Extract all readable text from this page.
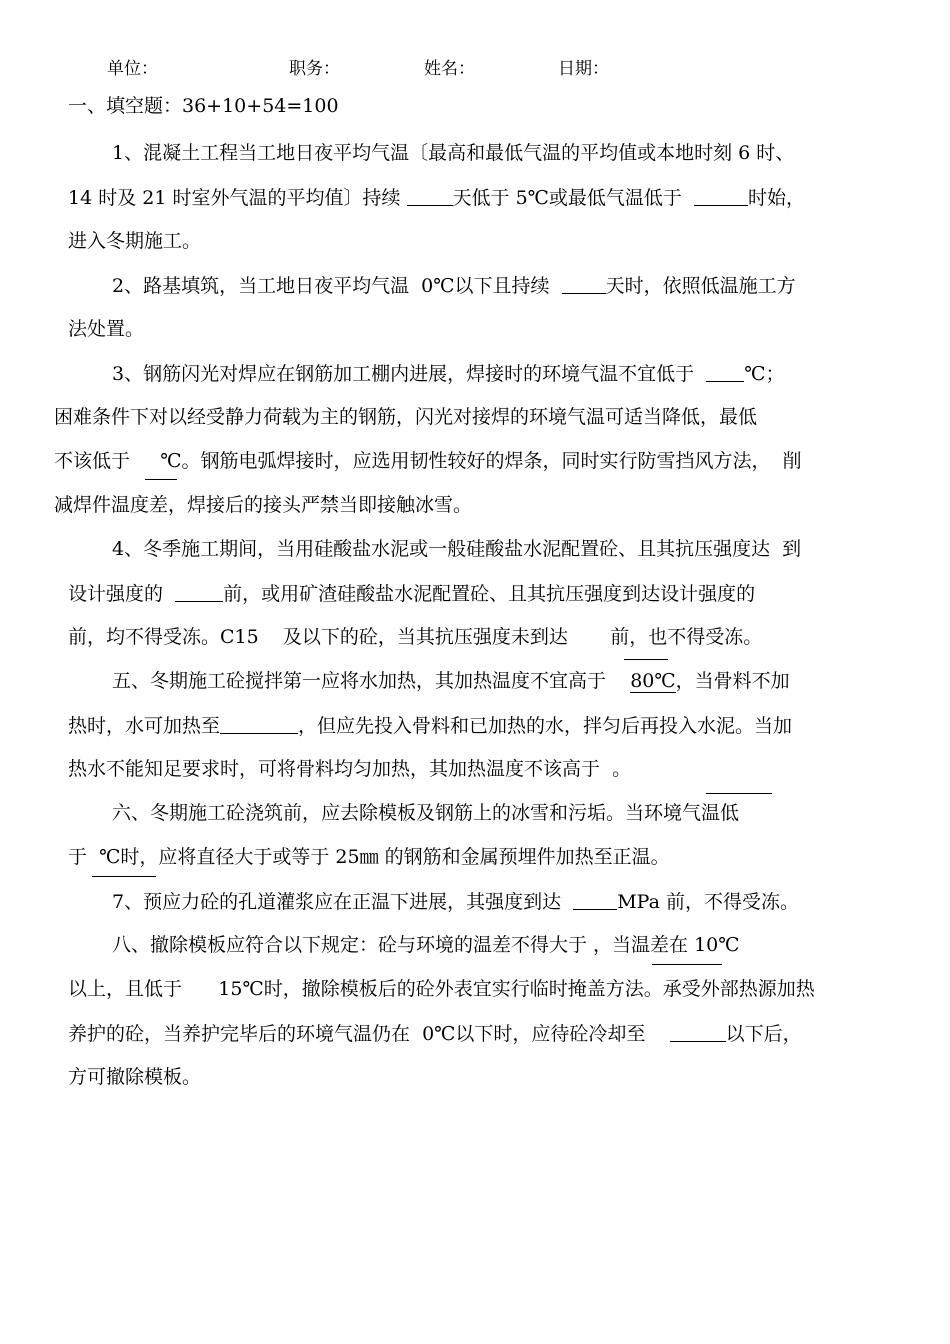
单位：	职务：	姓名：	日期：
一、填空题：36+10+54=100
1、混凝土工程当工地日夜平均气温〔最高和最低气温的平均值或本地时刻 6 时、
14 时及 21 时室外气温的平均值〕持续	天低于 5℃或最低气温低于	时始，
进入冬期施工。
2、路基填筑，当工地日夜平均气温  0℃以下且持续	天时，依照低温施工方
法处置。
3、钢筋闪光对焊应在钢筋加工棚内进展，焊接时的环境气温不宜低于	℃；
困难条件下对以经受静力荷载为主的钢筋，闪光对接焊的环境气温可适当降低，最低
不该低于 ℃。钢筋电弧焊接时，应选用韧性较好的焊条，同时实行防雪挡风方法，  削
减焊件温度差，焊接后的接头严禁当即接触冰雪。
4、冬季施工期间，当用硅酸盐水泥或一般硅酸盐水泥配置砼、且其抗压强度达  到
设计强度的	前，或用矿渣硅酸盐水泥配置砼、且其抗压强度到达设计强度的
前，均不得受冻。C15 及以下的砼，当其抗压强度未到达 前，也不得受冻。
五、冬期施工砼搅拌第一应将水加热，其加热温度不宜高于 80℃，当骨料不加
热时，水可加热至	，但应先投入骨料和已加热的水，拌匀后再投入水泥。当加
热水不能知足要求时，可将骨料均匀加热，其加热温度不该高于  。
六、冬期施工砼浇筑前，应去除模板及钢筋上的冰雪和污垢。当环境气温低
于 ℃时，应将直径大于或等于 25㎜ 的钢筋和金属预埋件加热至正温。
7、预应力砼的孔道灌浆应在正温下进展，其强度到达	MPa 前，不得受冻。
八、撤除模板应符合以下规定：砼与环境的温差不得大于 ，当温差在 10℃
以上，且低于 15℃时，撤除模板后的砼外表宜实行临时掩盖方法。承受外部热源加热
养护的砼，当养护完毕后的环境气温仍在  0℃以下时，应待砼冷却至	以下后，
方可撤除模板。
